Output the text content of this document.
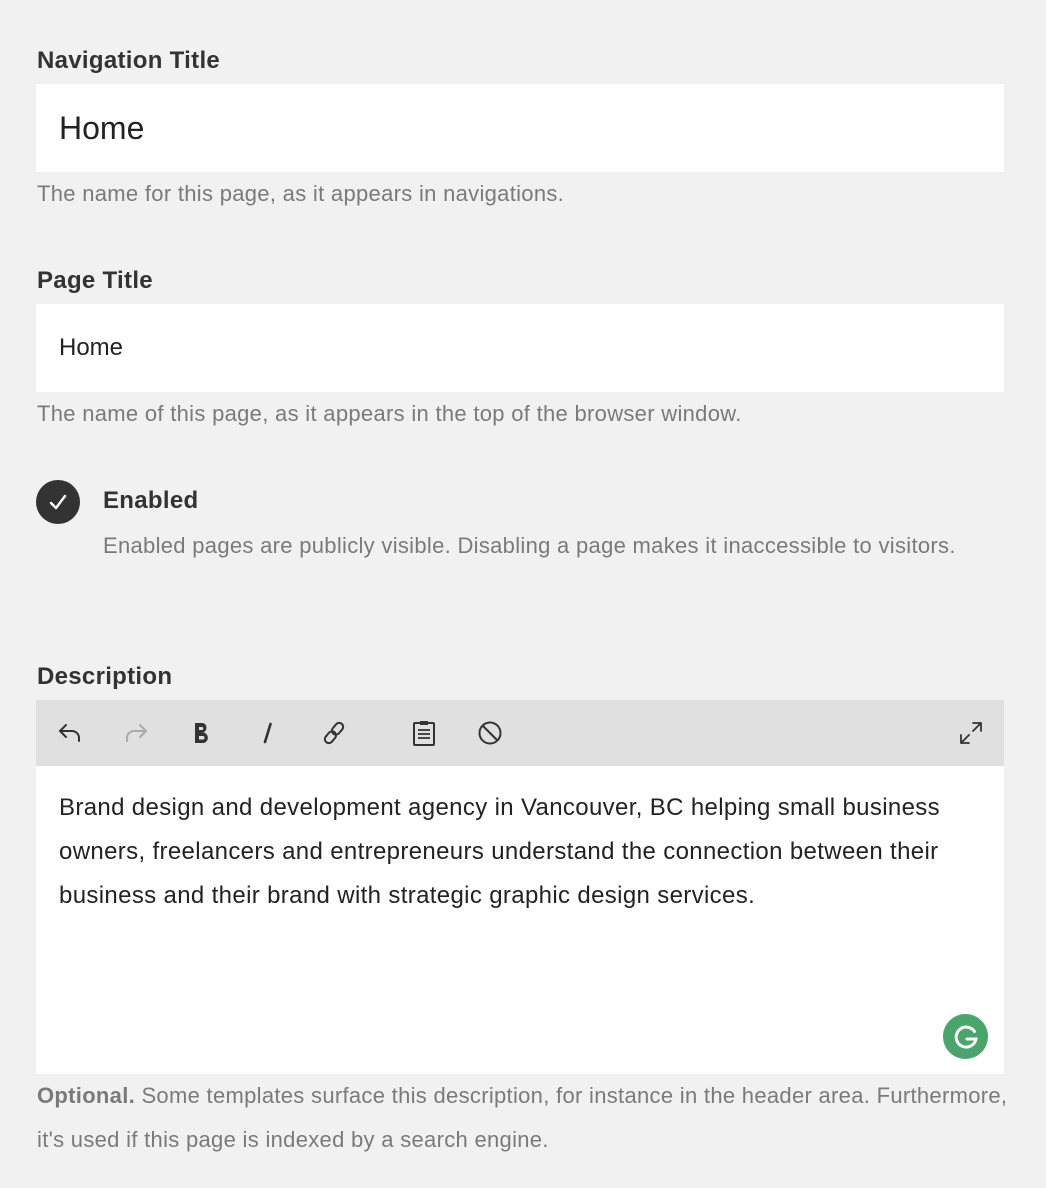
Navigation Title
Home
The name for this page, as it appears in navigations.
Page Title
Home
The name of this page, as it appears in the top of the browser window.
Enabled
Enabled pages are publicly visible. Disabling a page makes it inaccessible to visitors.
Description
Brand design and development agency in Vancouver, BC helping small business owners, freelancers and entrepreneurs understand the connection between their business and their brand with strategic graphic design services.
Optional. Some templates surface this description, for instance in the header area. Furthermore, it's used if this page is indexed by a search engine.
